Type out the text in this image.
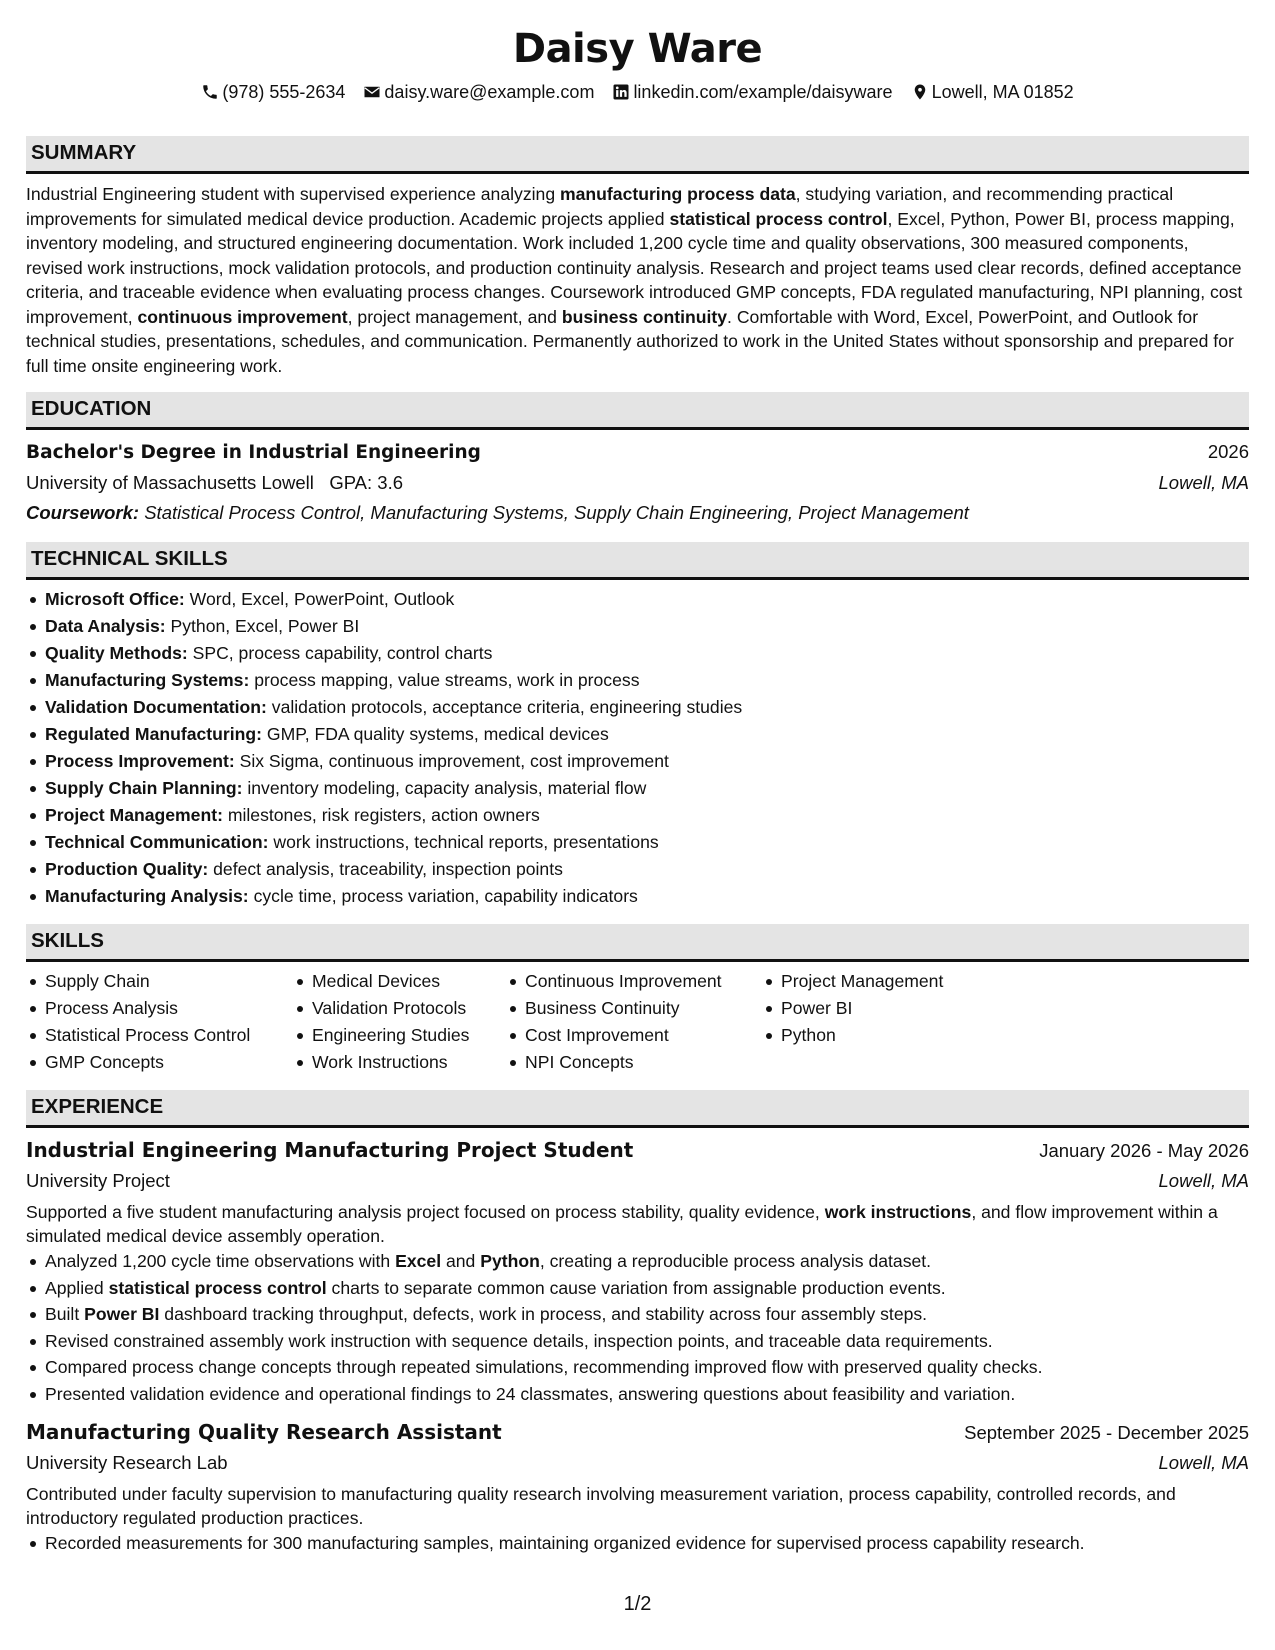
Daisy Ware
(978) 555-2634 daisy.ware@example.com linkedin.com/example/daisyware Lowell, MA 01852
SUMMARY
Industrial Engineering student with supervised experience analyzing manufacturing process data, studying variation, and recommending practical improvements for simulated medical device production. Academic projects applied statistical process control, Excel, Python, Power BI, process mapping, inventory modeling, and structured engineering documentation. Work included 1,200 cycle time and quality observations, 300 measured components, revised work instructions, mock validation protocols, and production continuity analysis. Research and project teams used clear records, defined acceptance criteria, and traceable evidence when evaluating process changes. Coursework introduced GMP concepts, FDA regulated manufacturing, NPI planning, cost improvement, continuous improvement, project management, and business continuity. Comfortable with Word, Excel, PowerPoint, and Outlook for technical studies, presentations, schedules, and communication. Permanently authorized to work in the United States without sponsorship and prepared for full time onsite engineering work.
EDUCATION
Bachelor's Degree in Industrial Engineering	2026
University of Massachusetts Lowell GPA: 3.6	Lowell, MA
Coursework: Statistical Process Control, Manufacturing Systems, Supply Chain Engineering, Project Management
TECHNICAL SKILLS
Microsoft Office: Word, Excel, PowerPoint, Outlook
Data Analysis: Python, Excel, Power BI
Quality Methods: SPC, process capability, control charts
Manufacturing Systems: process mapping, value streams, work in process
Validation Documentation: validation protocols, acceptance criteria, engineering studies
Regulated Manufacturing: GMP, FDA quality systems, medical devices
Process Improvement: Six Sigma, continuous improvement, cost improvement
Supply Chain Planning: inventory modeling, capacity analysis, material flow
Project Management: milestones, risk registers, action owners
Technical Communication: work instructions, technical reports, presentations
Production Quality: defect analysis, traceability, inspection points
Manufacturing Analysis: cycle time, process variation, capability indicators
SKILLS
Supply Chain
Process Analysis
Statistical Process Control
GMP Concepts
Medical Devices
Validation Protocols
Engineering Studies
Work Instructions
Continuous Improvement
Business Continuity
Cost Improvement
NPI Concepts
Project Management
Power BI
Python
EXPERIENCE
Industrial Engineering Manufacturing Project Student	January 2026 - May 2026
University Project	Lowell, MA
Supported a five student manufacturing analysis project focused on process stability, quality evidence, work instructions, and flow improvement within a simulated medical device assembly operation.
Analyzed 1,200 cycle time observations with Excel and Python, creating a reproducible process analysis dataset.
Applied statistical process control charts to separate common cause variation from assignable production events.
Built Power BI dashboard tracking throughput, defects, work in process, and stability across four assembly steps.
Revised constrained assembly work instruction with sequence details, inspection points, and traceable data requirements.
Compared process change concepts through repeated simulations, recommending improved flow with preserved quality checks.
Presented validation evidence and operational findings to 24 classmates, answering questions about feasibility and variation.
Manufacturing Quality Research Assistant	September 2025 - December 2025
University Research Lab	Lowell, MA
Contributed under faculty supervision to manufacturing quality research involving measurement variation, process capability, controlled records, and introductory regulated production practices.
Recorded measurements for 300 manufacturing samples, maintaining organized evidence for supervised process capability research.
1/2
